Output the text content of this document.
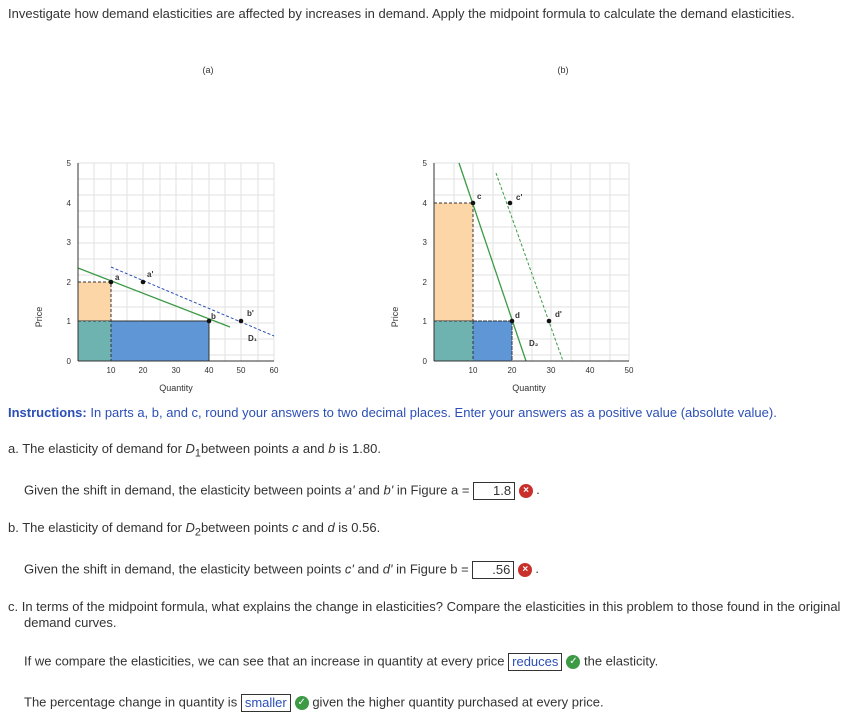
Investigate how demand elasticities are affected by increases in demand. Apply the midpoint formula to calculate the demand elasticities.
(a)
Price
Quantity
0
1
2
3
4
5
10	20	30	40	50	60
a	a'
b	b'
D₁
(b)
Price
Quantity
0
1
2
3
4
5
10	20	30	40	50
c	c'
d	d'
D₂
Instructions: In parts a, b, and c, round your answers to two decimal places. Enter your answers as a positive value (absolute value).
a. The elasticity of demand for $D_1between$ points a and b is 1.80.
Given the shift in demand, the elasticity between points a' and b' in Figure a = 1.8 × .
b. The elasticity of demand for $D_2between$ points c and d is 0.56.
Given the shift in demand, the elasticity between points c' and d' in Figure b = .56 × .
c. In terms of the midpoint formula, what explains the change in elasticities? Compare the elasticities in this problem to those found in the original demand curves.
If we compare the elasticities, we can see that an increase in quantity at every price reduces ✓ the elasticity.
The percentage change in quantity is smaller ✓ given the higher quantity purchased at every price.
